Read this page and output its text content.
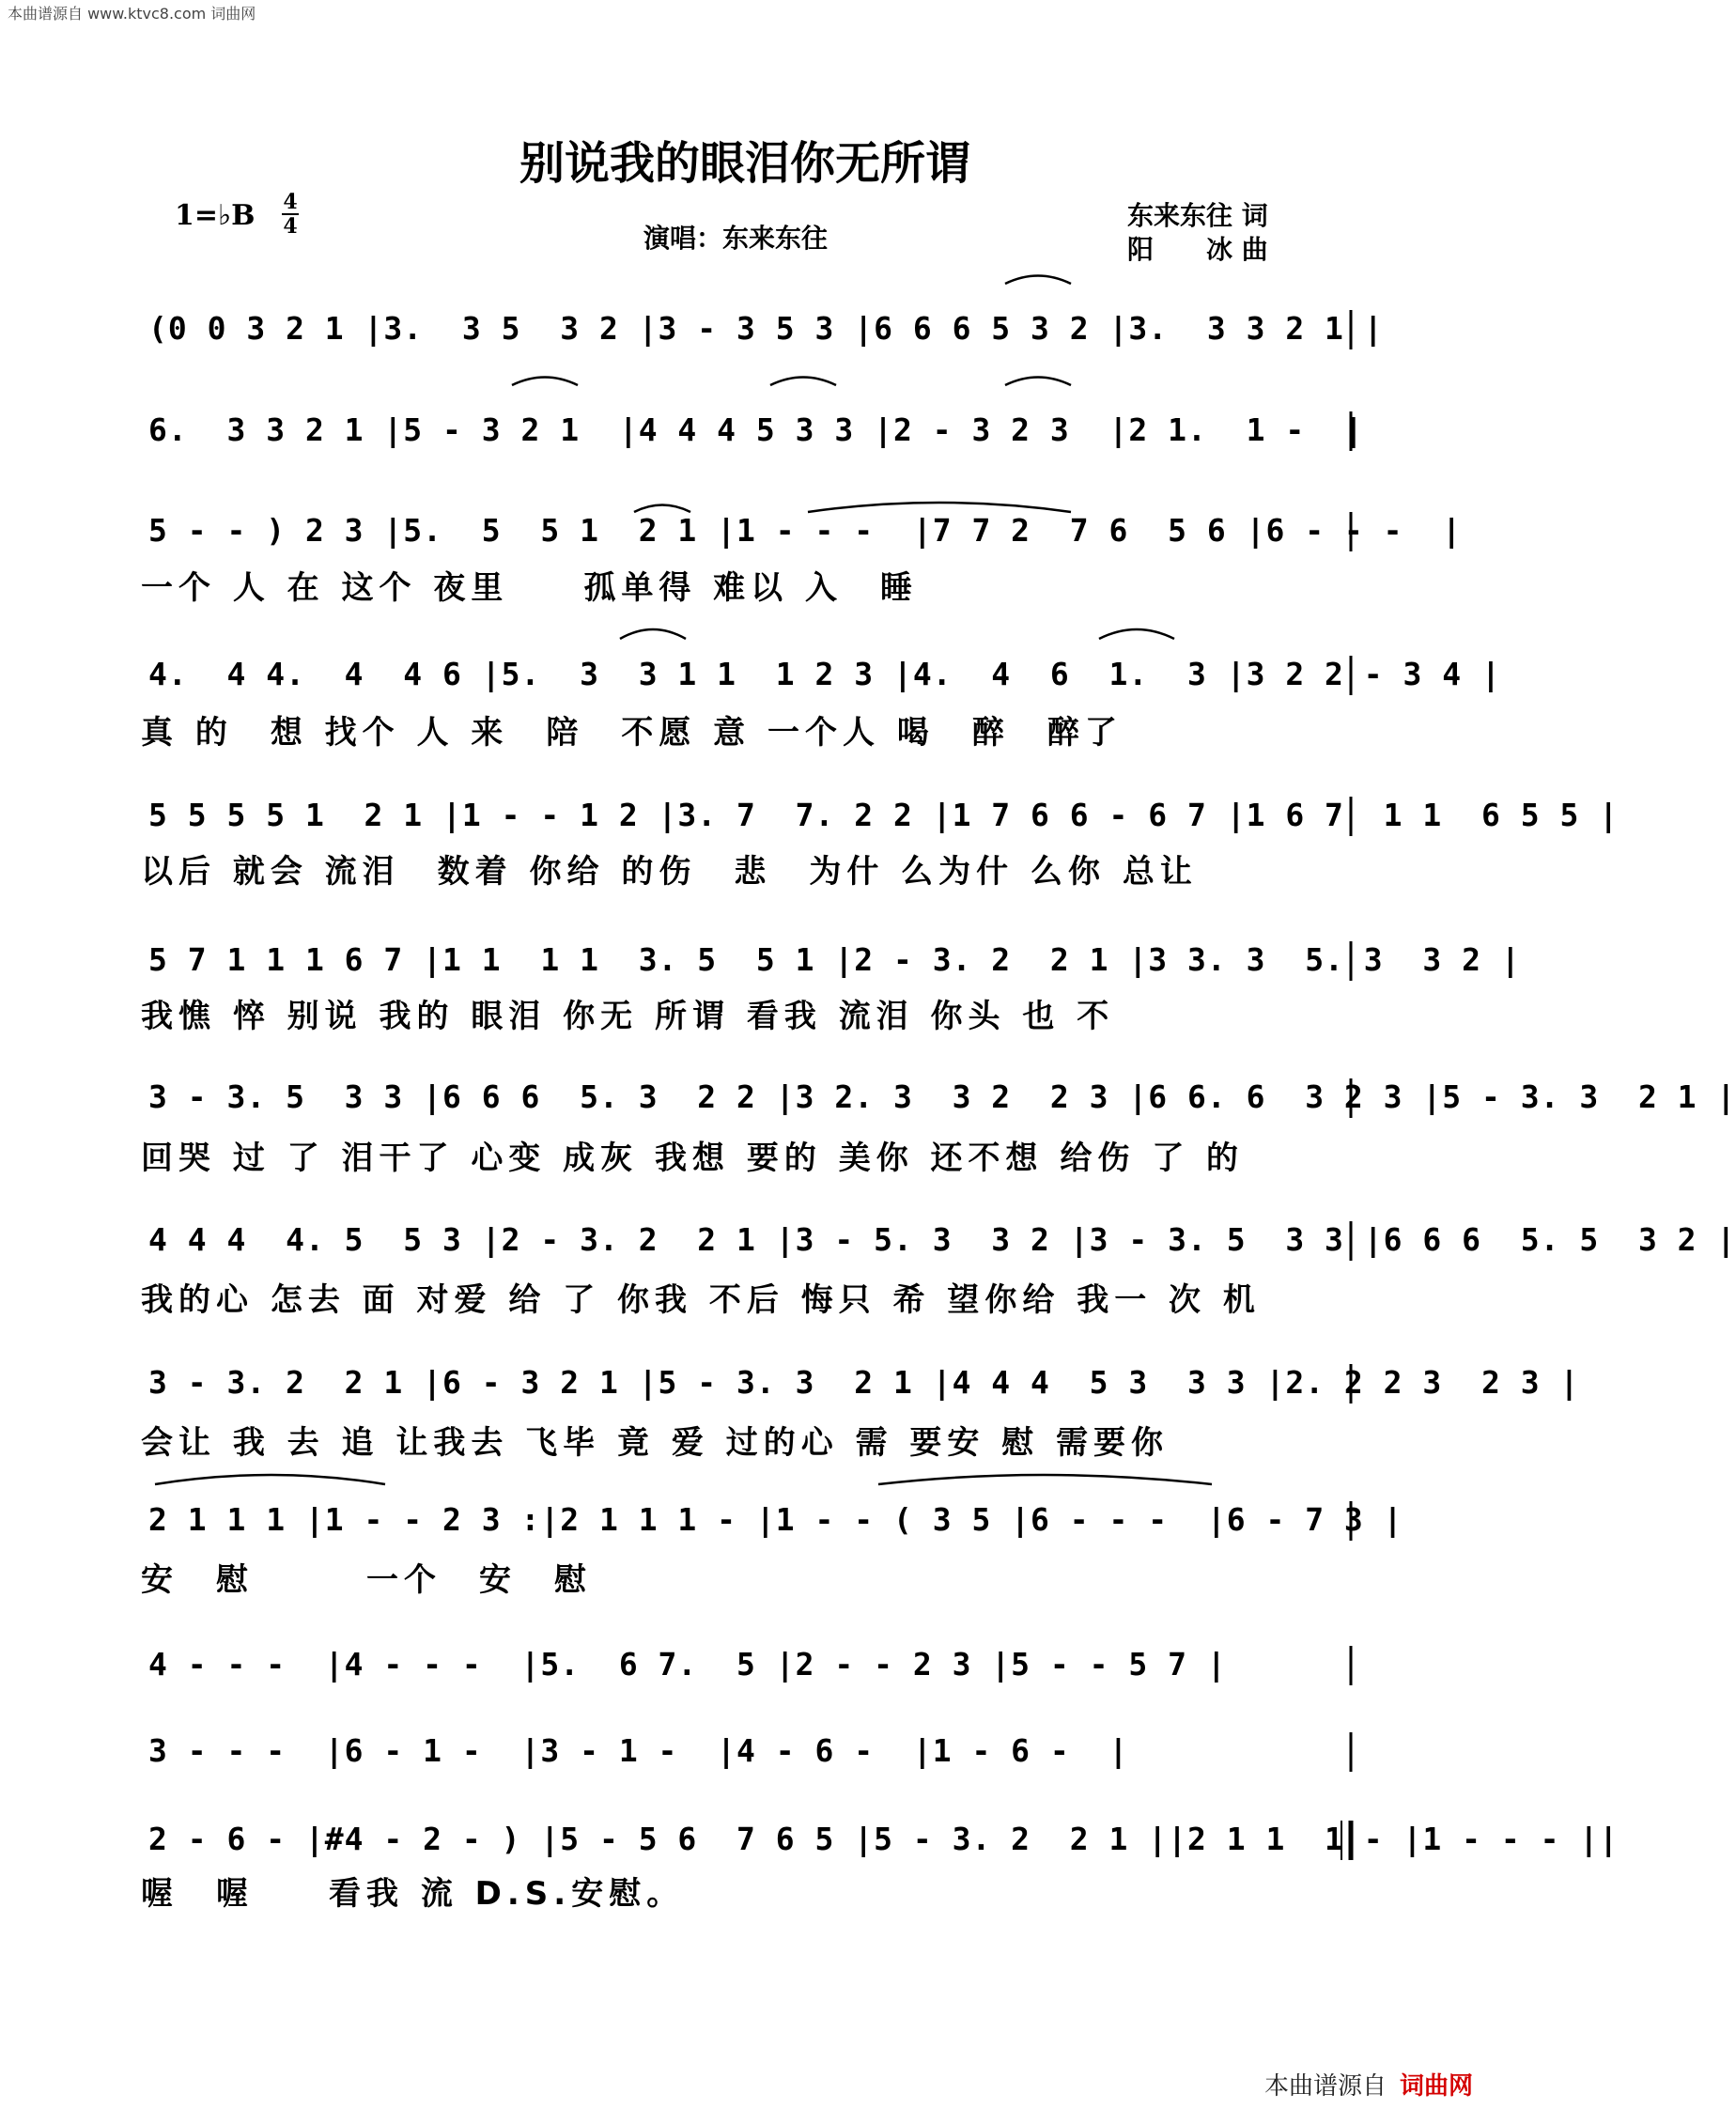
本曲谱源自 www.ktvc8.com 词曲网
别说我的眼泪你无所谓
1=♭B 4
4	演唱：东来东往
东来东往 词
阳　　冰 曲
(0 0 3 2 1 |3.  3 5  3 2 |3 - 3 5 3 |6 6 6 5 3 2 |3.  3 3 2 1 |
6.  3 3 2 1 |5 - 3 2 1  |4 4 4 5 3 3 |2 - 3 2 3  |2 1.  1 -  |
5 - - ) 2 3 |5.  5  5 1  2 1 |1 - - -  |7 7 2  7 6  5 6 |6 - - -  |
一个 人 在 这个 夜里　　孤单得 难以 入　睡
4.  4 4.  4  4 6 |5.  3  3 1 1  1 2 3 |4.  4  6  1.  3 |3 2 2 - 3 4 |
真 的　想 找个 人 来　陪　不愿 意 一个人 喝　醉　醉了
5 5 5 5 1  2 1 |1 - - 1 2 |3. 7  7. 2 2 |1 7 6 6 - 6 7 |1 6 7  1 1  6 5 5 |
以后 就会 流泪　数着 你给 的伤　悲　为什 么为什 么你 总让
5 7 1 1 1 6 7 |1 1  1 1  3. 5  5 1 |2 - 3. 2  2 1 |3 3. 3  5. 3  3 2 |
我憔 悴 别说 我的 眼泪 你无 所谓 看我 流泪 你头 也 不
3 - 3. 5  3 3 |6 6 6  5. 3  2 2 |3 2. 3  3 2  2 3 |6 6. 6  3 2 3 |5 - 3. 3  2 1 |
回哭 过 了 泪干了 心变 成灰 我想 要的 美你 还不想 给伤 了 的
4 4 4  4. 5  5 3 |2 - 3. 2  2 1 |3 - 5. 3  3 2 |3 - 3. 5  3 3 |6 6 6  5. 5  3 2 |
我的心 怎去 面 对爱 给 了 你我 不后 悔只 希 望你给 我一 次 机
3 - 3. 2  2 1 |6 - 3 2 1 |5 - 3. 3  2 1 |4 4 4  5 3  3 3 |2. 2 2 3  2 3 |
会让 我 去 追 让我去 飞毕 竟 爱 过的心 需 要安 慰 需要你
2 1 1 1 |1 - - 2 3 :|2 1 1 1 - |1 - - ( 3 5 |6 - - -  |6 - 7 3 |
安　慰　　　一个　安　慰
4 - - -  |4 - - -  |5.  6 7.  5 |2 - - 2 3 |5 - - 5 7 |
3 - - -  |6 - 1 -  |3 - 1 -  |4 - 6 -  |1 - 6 -  |
2 - 6 - |#4 - 2 - ) |5 - 5 6  7 6 5 |5 - 3. 2  2 1 ||2 1 1  1 - |1 - - - ||
喔　喔　　看我 流 D.S.安慰。
本曲谱源自 词曲网
